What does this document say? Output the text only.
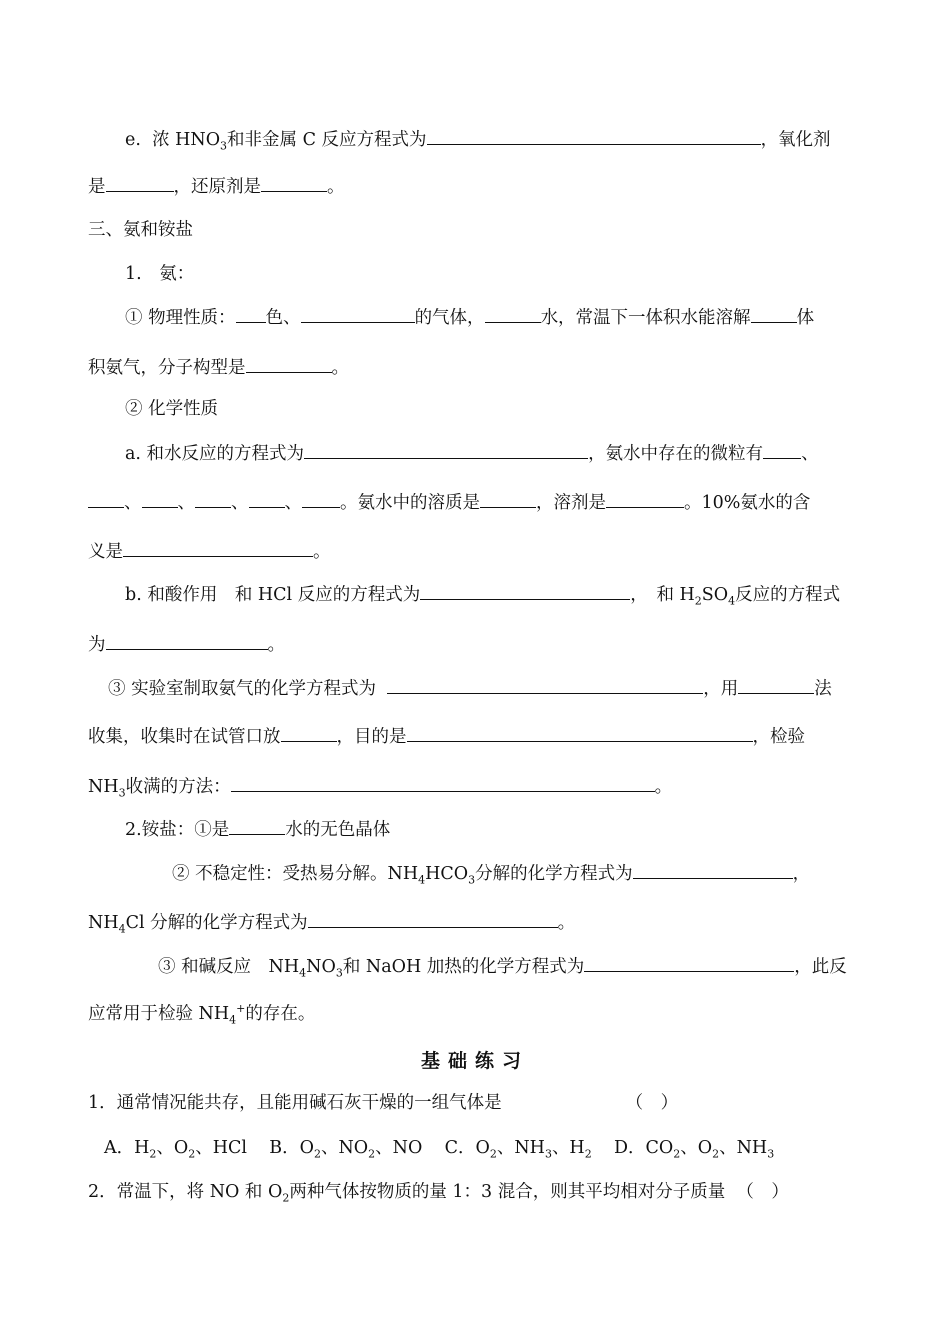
e. 浓 $HNO_3$和非金属 C 反应方程式为	，氧化剂
是	，还原剂是	。
三、氨和铵盐
1.　氨：
① 物理性质： 色、	的气体，	水，常温下一体积水能溶解	体
积氨气，分子构型是	。
② 化学性质
a. 和水反应的方程式为	，氨水中存在的微粒有 、
、 、 、 、 。氨水中的溶质是	，溶剂是	。10%氨水的含
义是	。
b. 和酸作用　和 HCl 反应的方程式为	，　和 $H_2SO_4$反应的方程式
为	。
③ 实验室制取氨气的化学方程式为	，用	法
收集，收集时在试管口放	，目的是	，检验
$NH_3$收满的方法：	。
2.铵盐：①是	水的无色晶体
② 不稳定性：受热易分解。$NH_4HCO_3$分解的化学方程式为	，
$NH_4Cl$ 分解的化学方程式为	。
③ 和碱反应　$NH_4NO_3$和 NaOH 加热的化学方程式为	，此反
应常用于检验 $NH_4^+$的存在。
基础练习
1．通常情况能共存，且能用碱石灰干燥的一组气体是	（　）
A．$H_2$、$O_2$、HCl B．$O_2$、$NO_2$、NO C．$O_2$、$NH_3$、$H_2$ D．$CO_2$、$O_2$、$NH_3$
2．常温下，将 NO 和 $O_2$两种气体按物质的量 1：3 混合，则其平均相对分子质量 （　）
